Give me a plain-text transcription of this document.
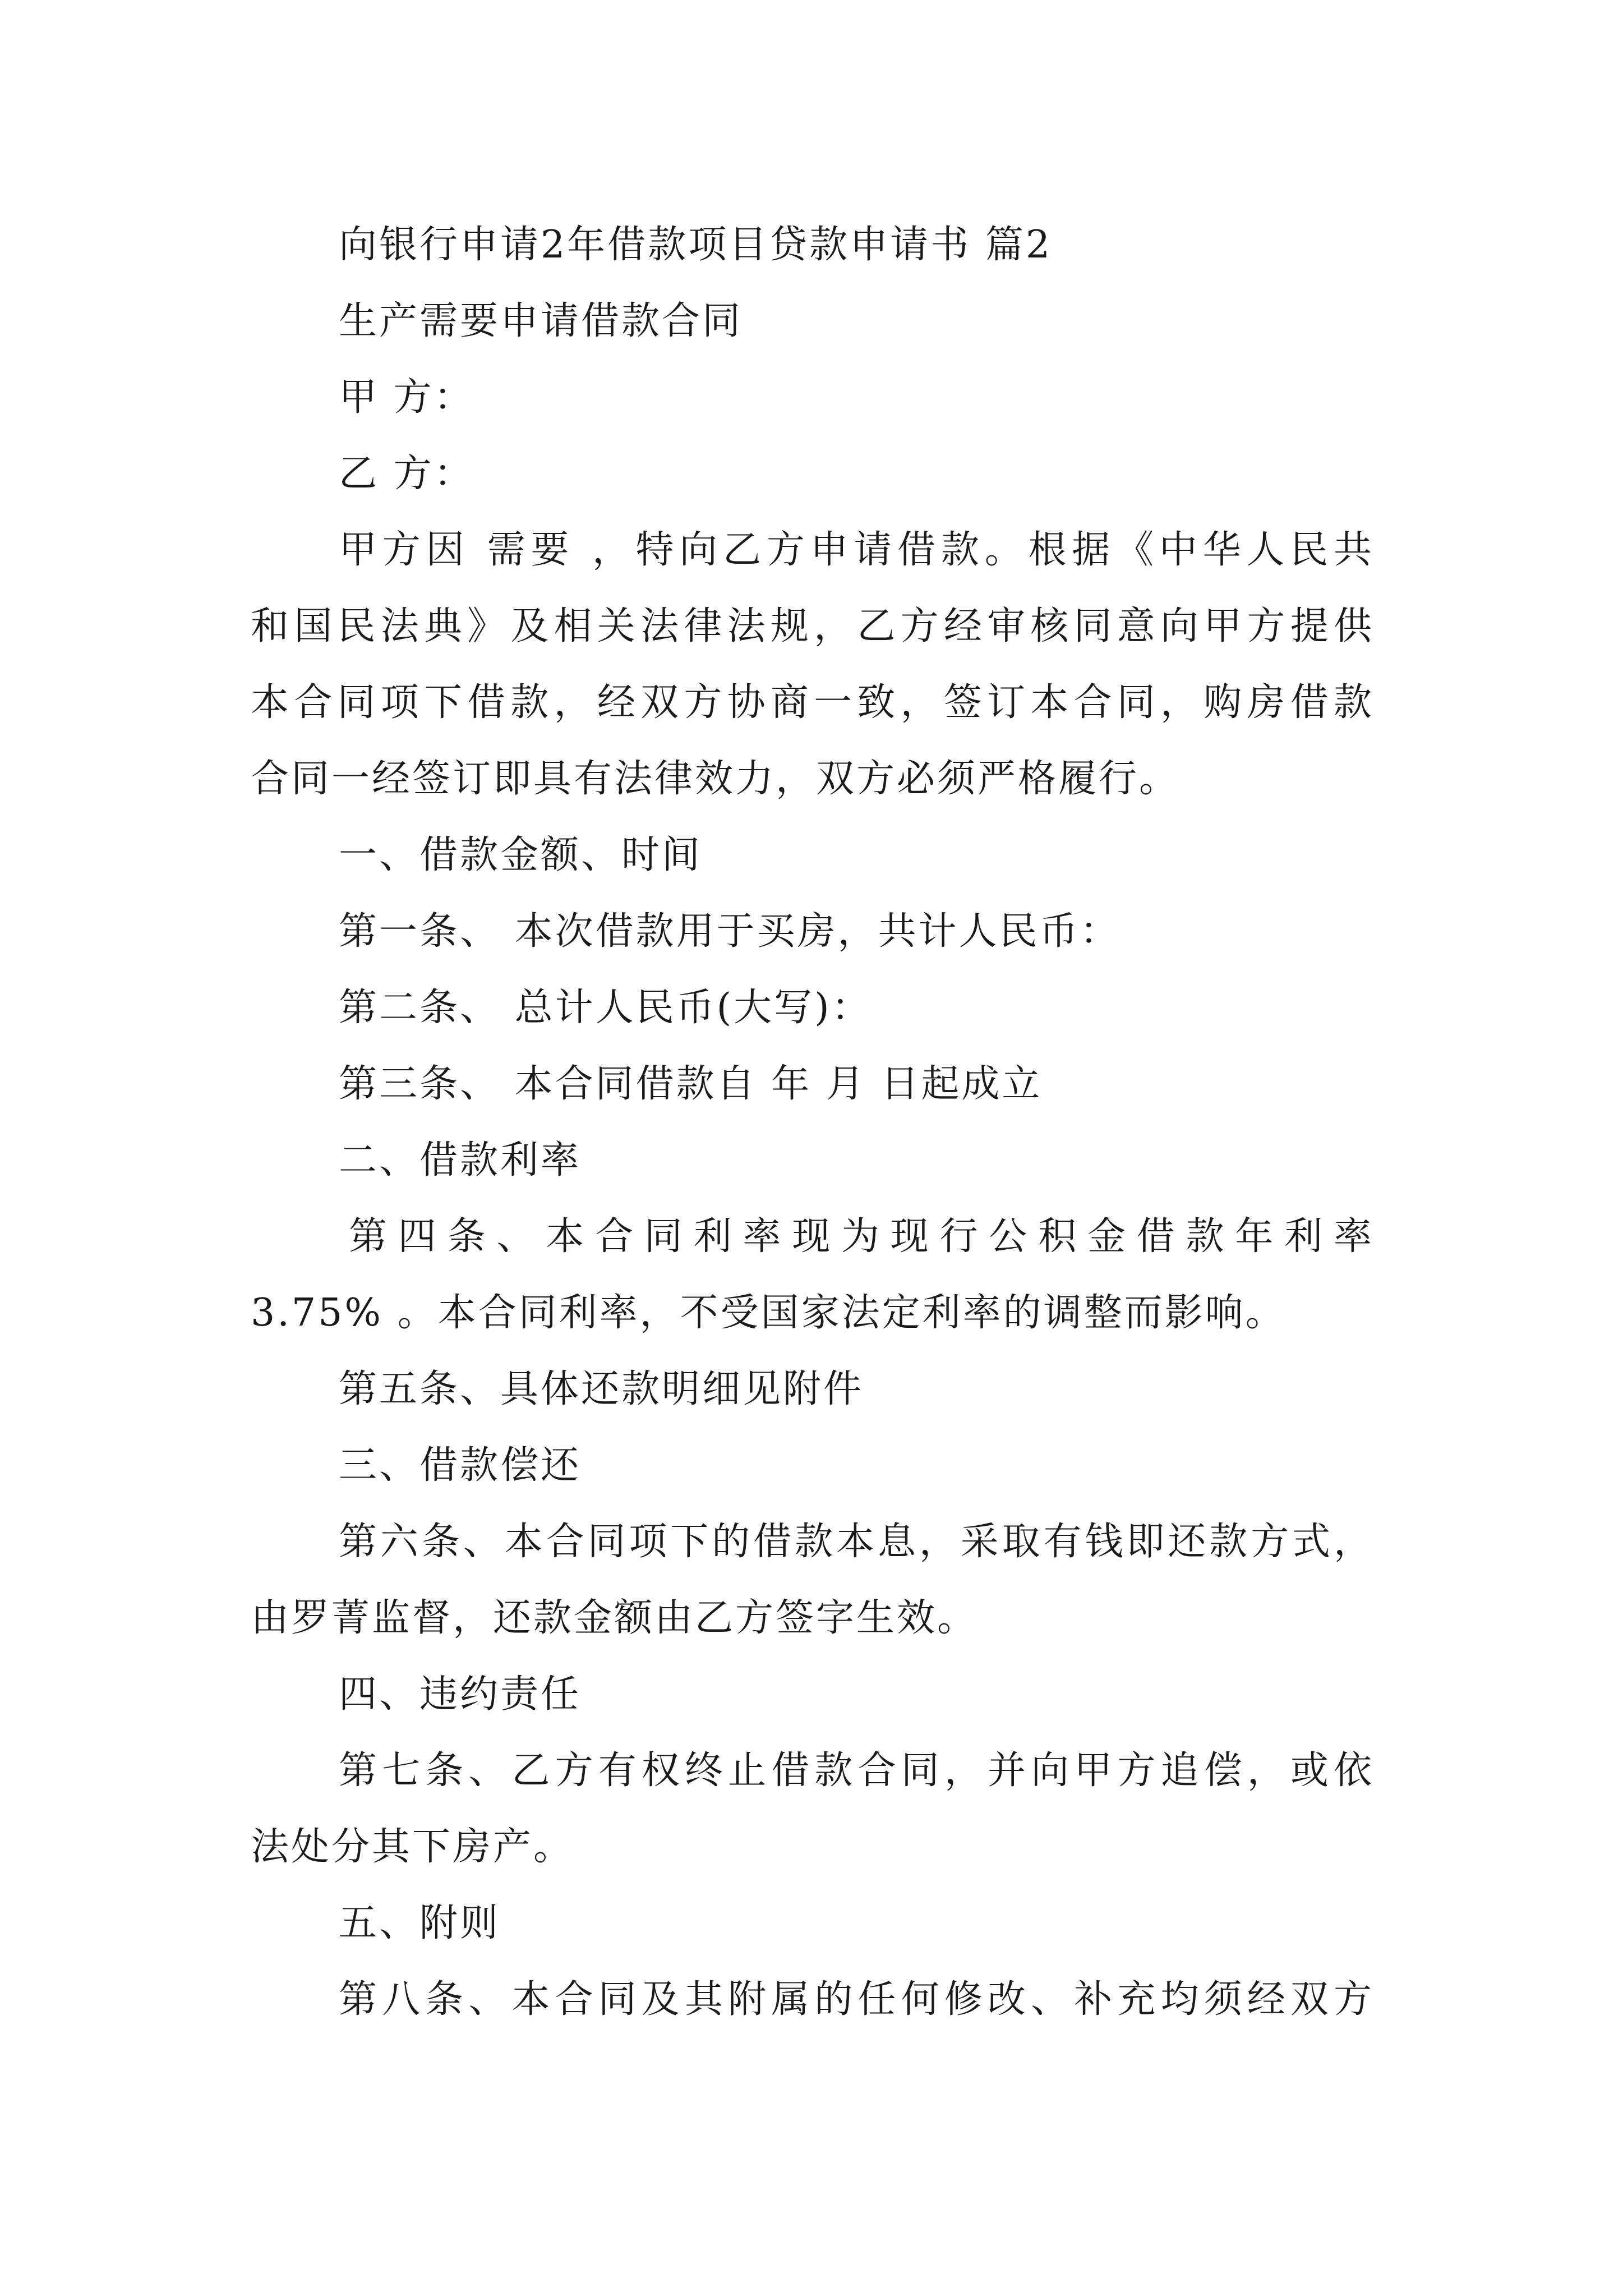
向银行申请2年借款项目贷款申请书 篇2
生产需要申请借款合同
甲 方：
乙 方：
甲方因 需要 ，特向乙方申请借款。根据《中华人民共
和国民法典》及相关法律法规，乙方经审核同意向甲方提供
本合同项下借款，经双方协商一致，签订本合同，购房借款
合同一经签订即具有法律效力，双方必须严格履行。
一、借款金额、时间
第一条、 本次借款用于买房，共计人民币：
第二条、 总计人民币(大写)：
第三条、 本合同借款自 年 月 日起成立
二、借款利率
第四条、本合同利率现为现行公积金借款年利率
3.75% 。本合同利率，不受国家法定利率的调整而影响。
第五条、具体还款明细见附件
三、借款偿还
第六条、本合同项下的借款本息，采取有钱即还款方式，
由罗菁监督，还款金额由乙方签字生效。
四、违约责任
第七条、乙方有权终止借款合同，并向甲方追偿，或依
法处分其下房产。
五、附则
第八条、本合同及其附属的任何修改、补充均须经双方
